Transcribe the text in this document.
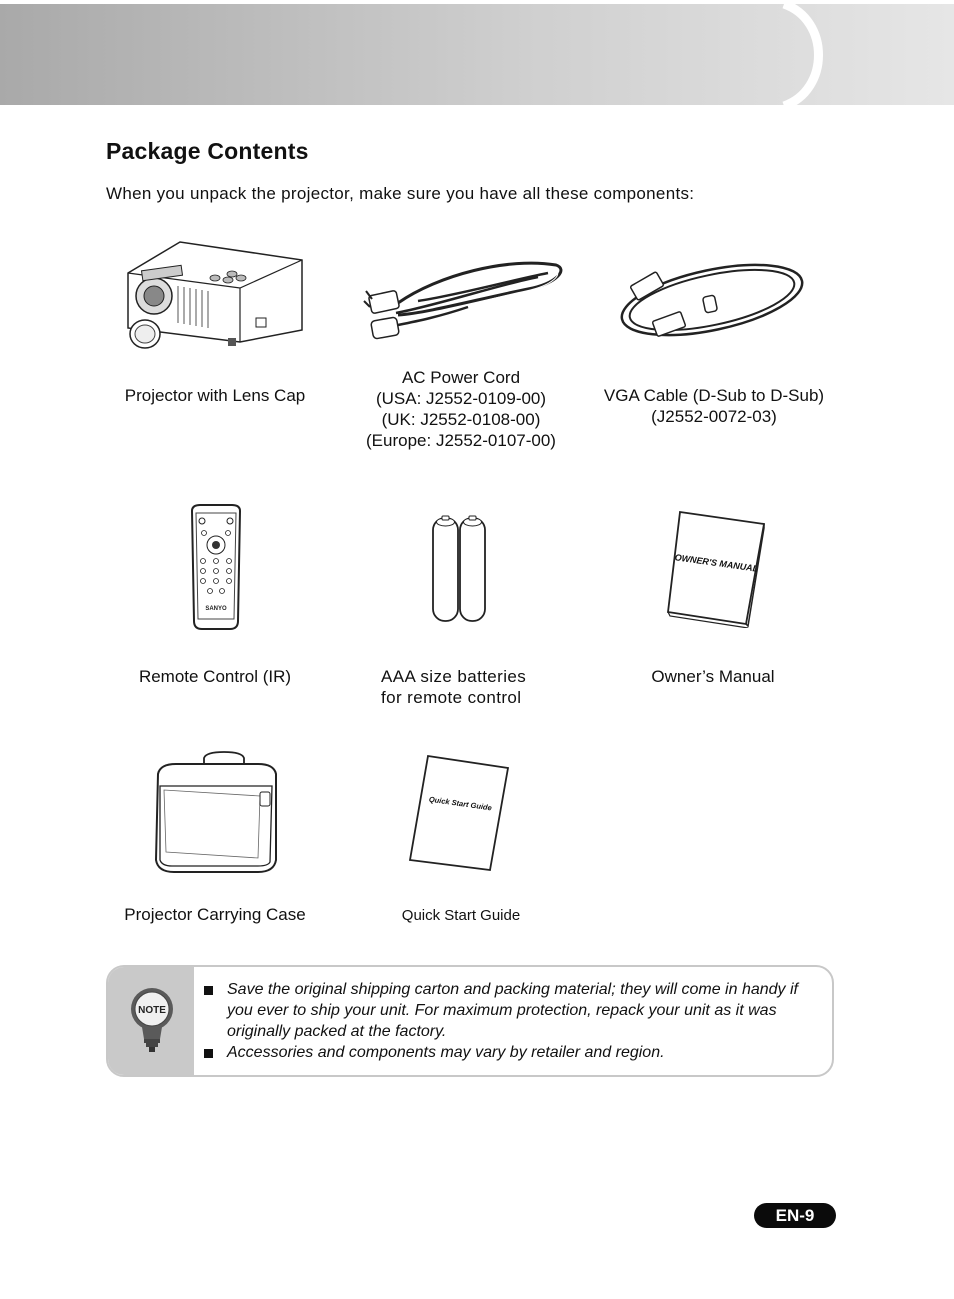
Package Contents

When you unpack the projector, make sure you have all these components:

Projector with Lens Cap

AC Power Cord
(USA: J2552-0109-00)
(UK: J2552-0108-00)
(Europe: J2552-0107-00)

VGA Cable (D-Sub to D-Sub)
(J2552-0072-03)

SANYO

Remote Control (IR)	AAA size batteries
for remote control

OWNER'S MANUAL

Owner’s Manual

Projector Carrying Case

Quick Start Guide

Quick Start Guide

NOTE
Save the original shipping carton and packing material; they will come in handy if you ever to ship your unit. For maximum protection, repack your unit as it was originally packed at the factory.
Accessories and components may vary by retailer and region.
EN-9
